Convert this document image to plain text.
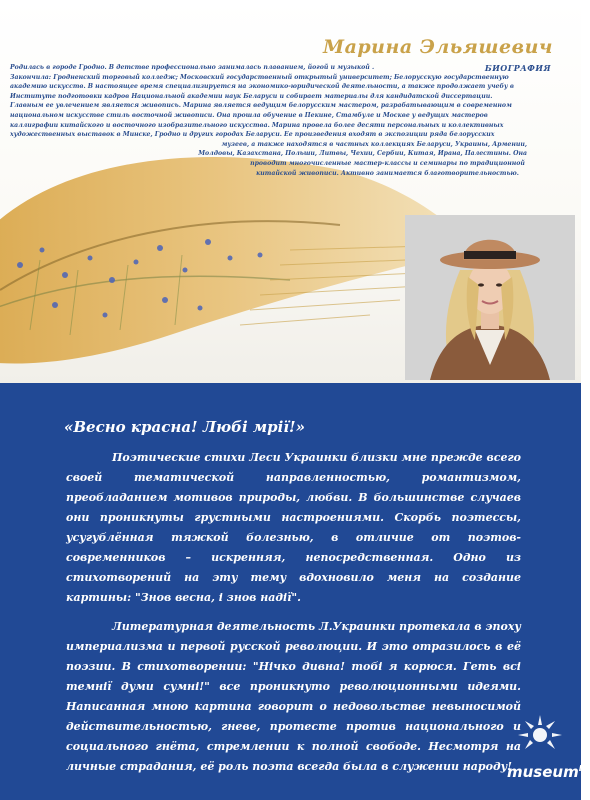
Марина Эльяшевич
БИОГРАФИЯ

Родилась в городе Гродно. В детстве профессионально занималась плаванием, йогой и музыкой .

Закончила: Гродненский торговый колледж; Московский государственный открытый университет; Белорусскую государственную

академию искусств. В настоящее время специализируется на экономико-юридической деятельности, а также продолжает учебу в

Институте подготовки кадров Национальной академии наук Беларуси и собирает материалы для кандидатской диссертации.

Главным ее увлечением является живопись. Марина является ведущим белорусским мастером, разрабатывающим в современном

национальном искусстве стиль восточной живописи. Она прошла обучение в Пекине, Стамбуле и Москве у ведущих мастеров

каллиграфии китайского и восточного изобразительного искусства. Марина провела более десяти персональных и коллективных

художественных выставок в Минске, Гродно и других городах Беларуси. Ее произведения входят в экспозиции ряда белорусских

музеев, а также находятся в частных коллекциях Беларуси, Украины, Армении,

Молдовы, Казахстана, Польши, Литвы, Чехии, Сербии, Китая, Ирана, Палестины. Она

проводит многочисленные мастер-классы и семинары по традиционной

китайской живописи. Активно занимается благотворительностью.

«Весно красна! Любі мрії!»

Поэтические стихи Леси Украинки близки мне прежде всего своей тематической направленностью, романтизмом, преобладанием мотивов природы, любви. В большинстве случаев они проникнуты грустными настроениями. Скорбь поэтессы, усугублённая тяжкой болезнью, в отличие от поэтов-современников – искренняя, непосредственная. Одно из стихотворений на эту тему вдохновило меня на создание картины: "Знов весна, і знов надії".

Литературная деятельность Л.Украинки протекала в эпоху империализма и первой русской революции. И это отразилось в её поэзии. В стихотворении: "Нічко дивна! тобі я корюся. Геть всі темнії думи сумні!" все проникнуто революционными идеями. Написанная мною картина говорит о недовольстве невыносимой действительностью, гневе, протесте против национального и социального гнёта, стремлении к полной свободе. Несмотря на личные страдания, её роль поэта всегда была в служении народу!

museum$^{by}$
